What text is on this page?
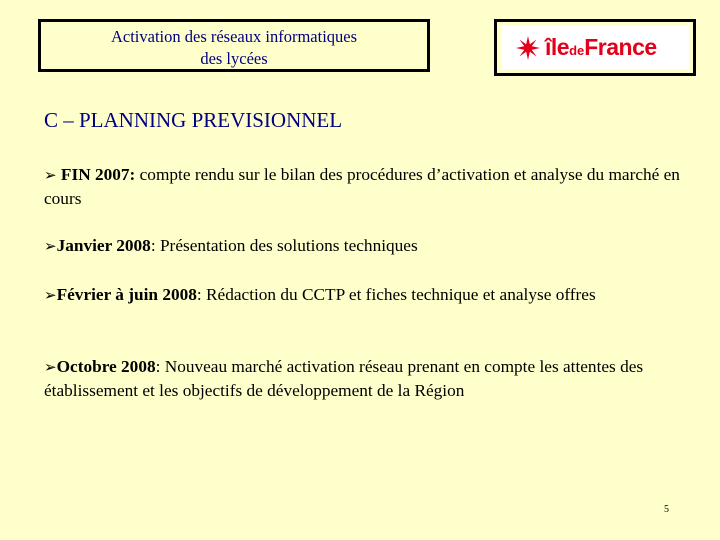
Activation des réseaux informatiques
des lycées	île de France
C – PLANNING PREVISIONNEL
➢ FIN 2007: compte rendu sur le bilan des procédures d’activation et analyse du marché en cours
➢Janvier 2008: Présentation des solutions techniques
➢Février à juin 2008: Rédaction du CCTP et fiches technique et analyse offres
➢Octobre 2008: Nouveau marché activation réseau prenant en compte les attentes des établissement et les objectifs de développement de la Région
5
